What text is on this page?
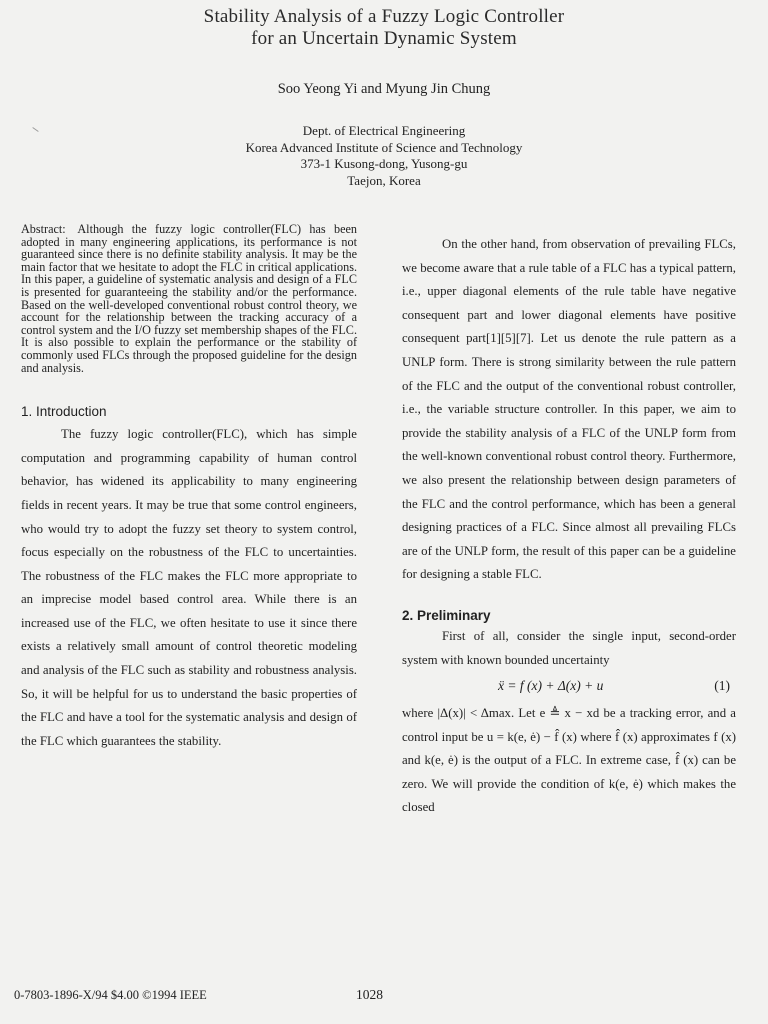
Stability Analysis of a Fuzzy Logic Controller
for an Uncertain Dynamic System
Soo Yeong Yi and Myung Jin Chung
Dept. of Electrical Engineering
Korea Advanced Institute of Science and Technology
373-1 Kusong-dong, Yusong-gu
Taejon, Korea

Abstract: Although the fuzzy logic controller(FLC) has been adopted in many engineering applications, its performance is not guaranteed since there is no definite stability analysis. It may be the main factor that we hesitate to adopt the FLC in critical applications. In this paper, a guideline of systematic analysis and design of a FLC is presented for guaranteeing the stability and/or the performance. Based on the well-developed conventional robust control theory, we account for the relationship between the tracking accuracy of a control system and the I/O fuzzy set membership shapes of the FLC. It is also possible to explain the performance or the stability of commonly used FLCs through the proposed guideline for the design and analysis.

1. Introduction

The fuzzy logic controller(FLC), which has simple computation and programming capability of human control behavior, has widened its applicability to many engineering fields in recent years. It may be true that some control engineers, who would try to adopt the fuzzy set theory to system control, focus especially on the robustness of the FLC to uncertainties. The robustness of the FLC makes the FLC more appropriate to an imprecise model based control area. While there is an increased use of the FLC, we often hesitate to use it since there exists a relatively small amount of control theoretic modeling and analysis of the FLC such as stability and robustness analysis. So, it will be helpful for us to understand the basic properties of the FLC and have a tool for the systematic analysis and design of the FLC which guarantees the stability.

On the other hand, from observation of prevailing FLCs, we become aware that a rule table of a FLC has a typical pattern, i.e., upper diagonal elements of the rule table have negative consequent part and lower diagonal elements have positive consequent part[1][5][7]. Let us denote the rule pattern as a UNLP form. There is strong similarity between the rule pattern of the FLC and the output of the conventional robust controller, i.e., the variable structure controller. In this paper, we aim to provide the stability analysis of a FLC of the UNLP form from the well-known conventional robust control theory. Furthermore, we also present the relationship between design parameters of the FLC and the control performance, which has been a general designing practices of a FLC. Since almost all prevailing FLCs are of the UNLP form, the result of this paper can be a guideline for designing a stable FLC.

2. Preliminary

First of all, consider the single input, second-order system with known bounded uncertainty

ẍ = f (x) + Δ(x) + u	(1)

where |Δ(x)| < Δmax. Let e ≜ x − xd be a tracking error, and a control input be u = k(e, ė) − f̂ (x) where f̂ (x) approximates f (x) and k(e, ė) is the output of a FLC. In extreme case, f̂ (x) can be zero. We will provide the condition of k(e, ė) which makes the closed

0-7803-1896-X/94 $4.00 ©1994 IEEE	1028
